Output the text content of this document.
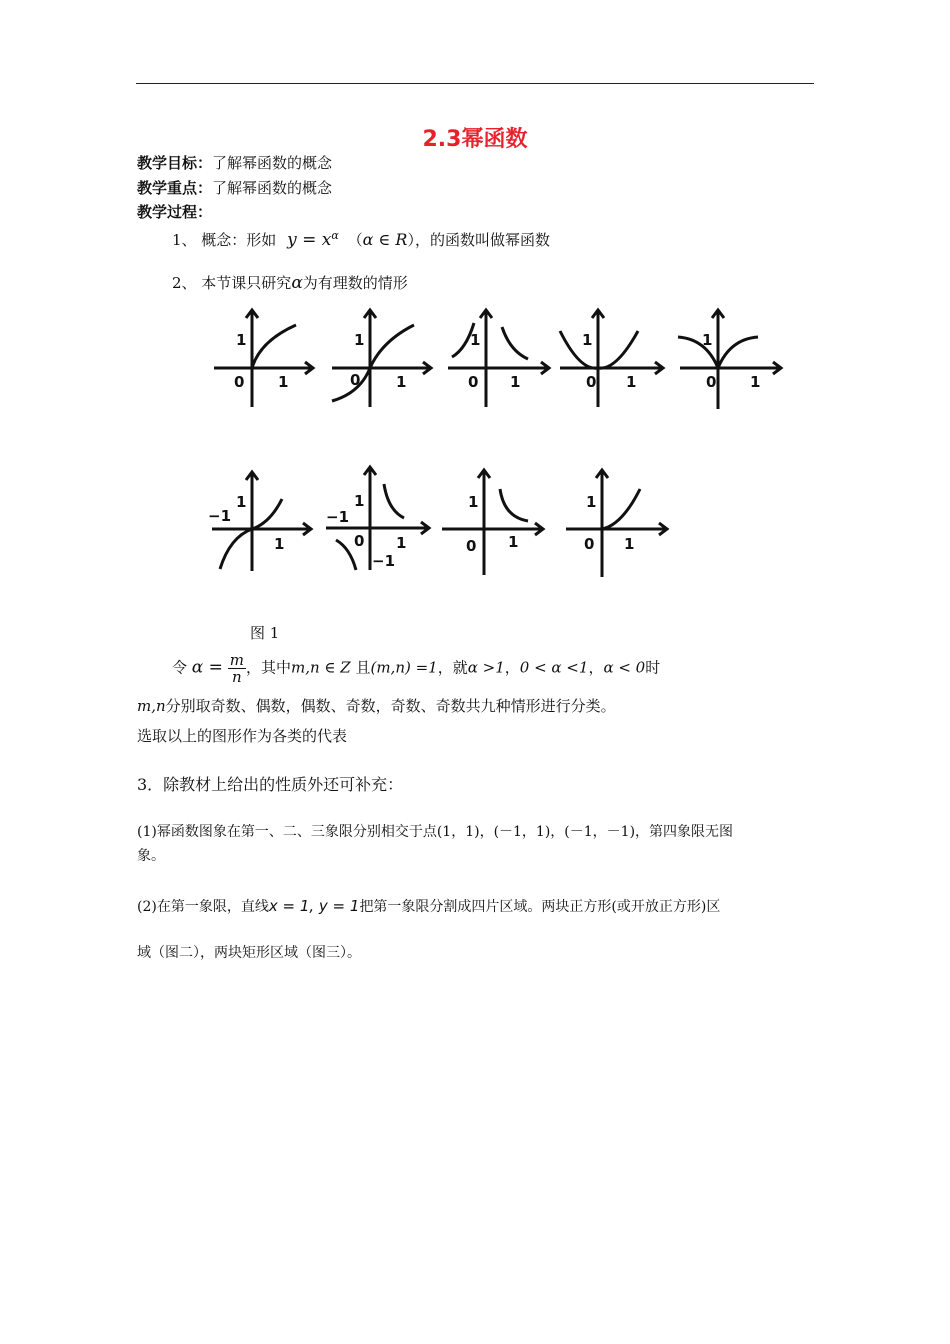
2.3幂函数
教学目标：了解幂函数的概念
教学重点：了解幂函数的概念
教学过程：
1、 概念：形如 $y = x^\alpha$ （α ∈ R），的函数叫做幂函数
2、 本节课只研究α为有理数的情形
1
0 1
1
0 1
1
0 1
1
0 1
1
0 1
−1
1
1
−1
1
0 1
−1
1
0 1
1
0 1
图 1
令 $\alpha = \frac{m}{n}$ ，其中m,n ∈ Z 且(m,n) =1，就α >1，0 < α <1，α < 0时
m,n分别取奇数、偶数，偶数、奇数，奇数、奇数共九种情形进行分类。
选取以上的图形作为各类的代表
3．除教材上给出的性质外还可补充：
(1)幂函数图象在第一、二、三象限分别相交于点(1，1)，(－1，1)，(－1，－1)，第四象限无图
象。
(2)在第一象限，直线x = 1, y = 1把第一象限分割成四片区域。两块正方形(或开放正方形)区
域（图二），两块矩形区域（图三）。
